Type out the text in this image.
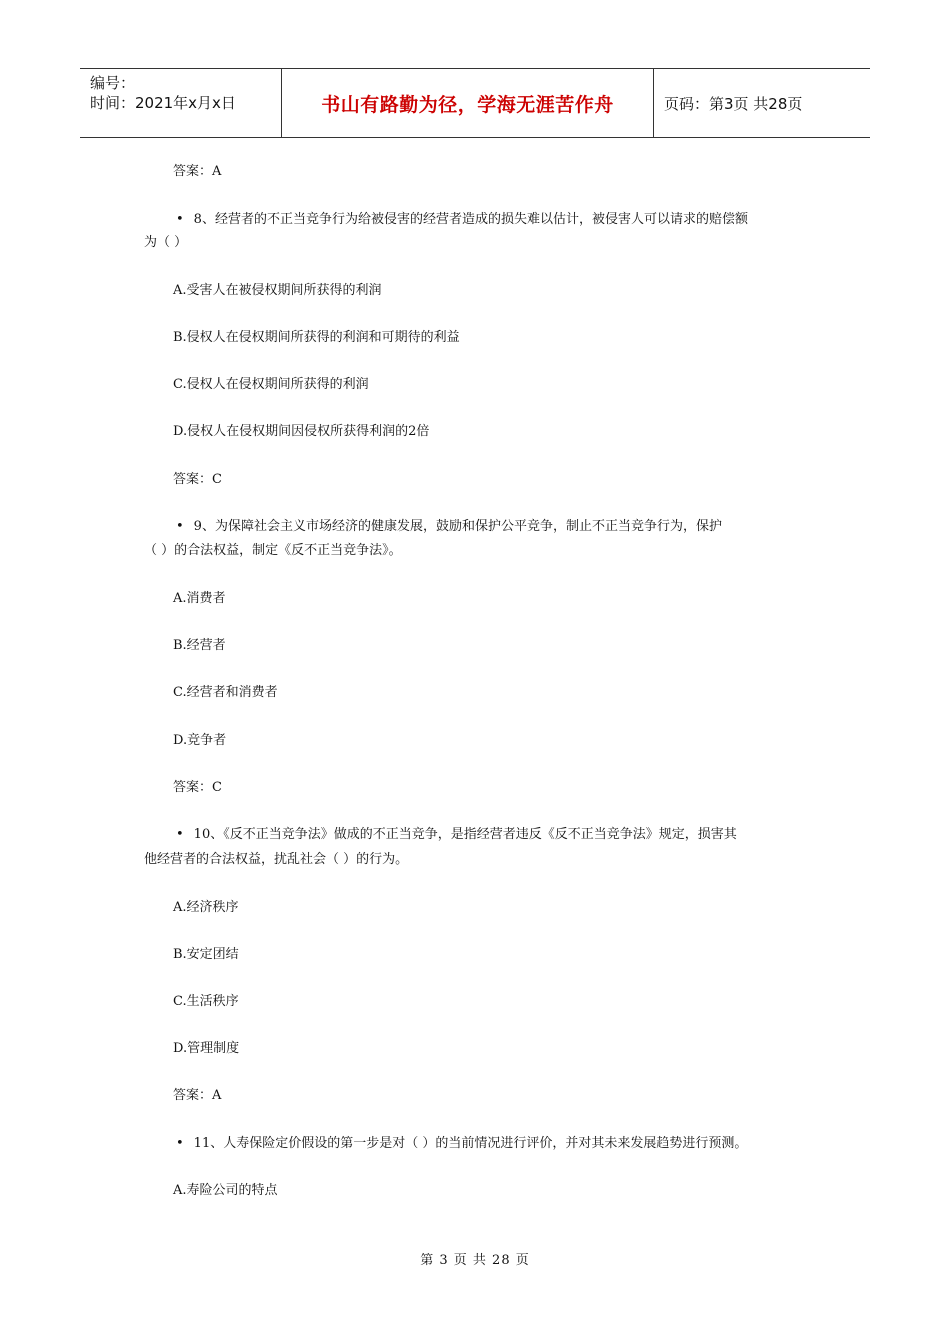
编号：
时间：2021年x月x日	书山有路勤为径，学海无涯苦作舟	页码：第3页 共28页
答案：A
• 8、经营者的不正当竞争行为给被侵害的经营者造成的损失难以估计，被侵害人可以请求的赔偿额
为（ ）
A.受害人在被侵权期间所获得的利润
B.侵权人在侵权期间所获得的利润和可期待的利益
C.侵权人在侵权期间所获得的利润
D.侵权人在侵权期间因侵权所获得利润的2倍
答案：C
• 9、为保障社会主义市场经济的健康发展，鼓励和保护公平竞争，制止不正当竞争行为，保护
（ ）的合法权益，制定《反不正当竞争法》。
A.消费者
B.经营者
C.经营者和消费者
D.竞争者
答案：C
• 10、《反不正当竞争法》做成的不正当竞争，是指经营者违反《反不正当竞争法》规定，损害其
他经营者的合法权益，扰乱社会（ ）的行为。
A.经济秩序
B.安定团结
C.生活秩序
D.管理制度
答案：A
• 11、人寿保险定价假设的第一步是对（ ）的当前情况进行评价，并对其未来发展趋势进行预测。
A.寿险公司的特点
第 3 页 共 28 页
